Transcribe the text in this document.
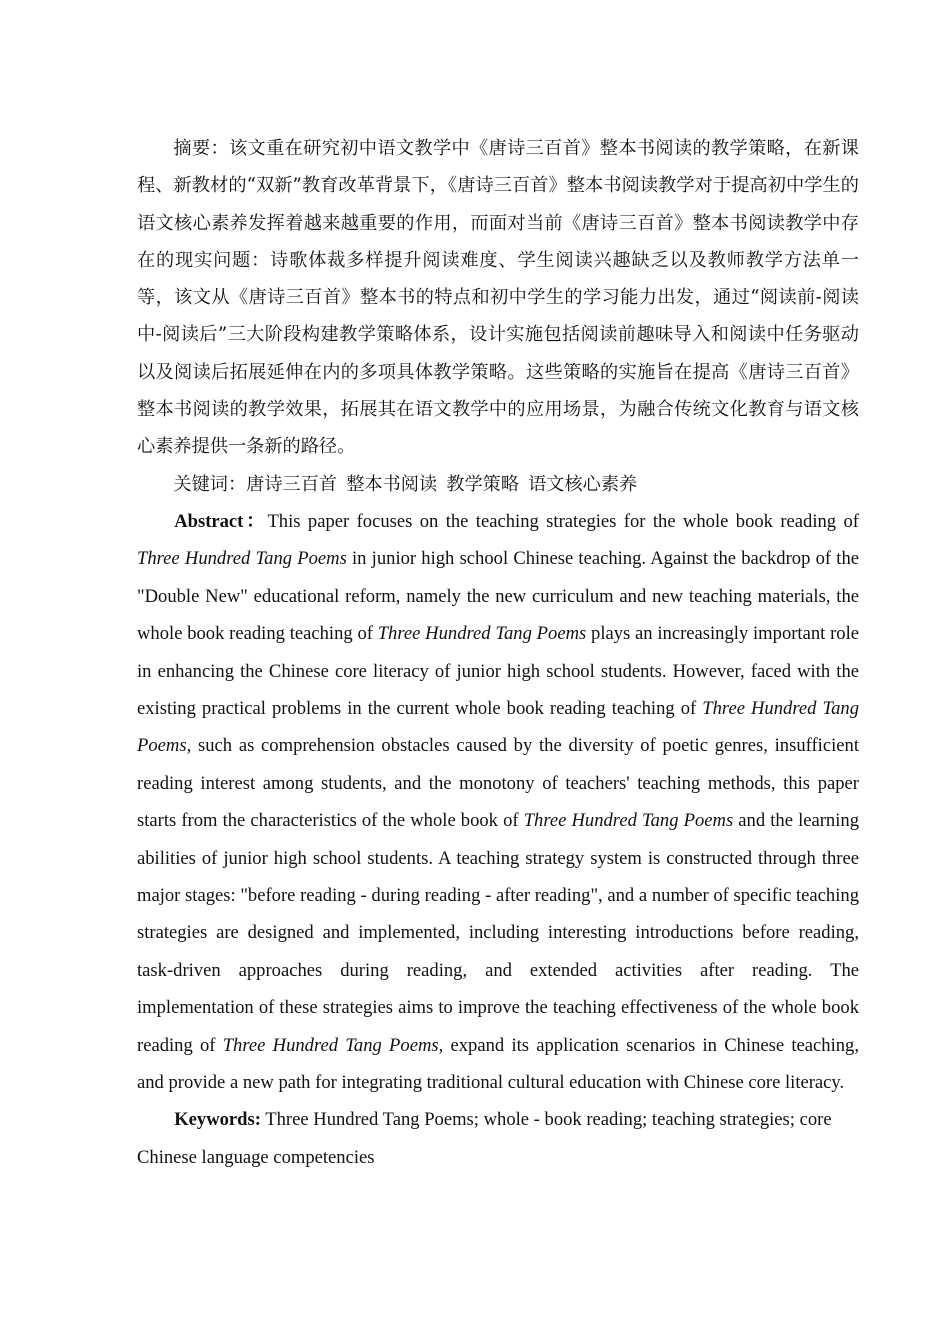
摘要：该文重在研究初中语文教学中《唐诗三百首》整本书阅读的教学策略，在新课程、新教材的“双新”教育改革背景下，《唐诗三百首》整本书阅读教学对于提高初中学生的语文核心素养发挥着越来越重要的作用，而面对当前《唐诗三百首》整本书阅读教学中存在的现实问题：诗歌体裁多样提升阅读难度、学生阅读兴趣缺乏以及教师教学方法单一等，该文从《唐诗三百首》整本书的特点和初中学生的学习能力出发，通过“阅读前-阅读中-阅读后”三大阶段构建教学策略体系，设计实施包括阅读前趣味导入和阅读中任务驱动以及阅读后拓展延伸在内的多项具体教学策略。这些策略的实施旨在提高《唐诗三百首》整本书阅读的教学效果，拓展其在语文教学中的应用场景，为融合传统文化教育与语文核心素养提供一条新的路径。

关键词：唐诗三百首 整本书阅读 教学策略 语文核心素养

Abstract：This paper focuses on the teaching strategies for the whole book reading of Three Hundred Tang Poems in junior high school Chinese teaching. Against the backdrop of the "Double New" educational reform, namely the new curriculum and new teaching materials, the whole book reading teaching of Three Hundred Tang Poems plays an increasingly important role in enhancing the Chinese core literacy of junior high school students. However, faced with the existing practical problems in the current whole book reading teaching of Three Hundred Tang Poems, such as comprehension obstacles caused by the diversity of poetic genres, insufficient reading interest among students, and the monotony of teachers' teaching methods, this paper starts from the characteristics of the whole book of Three Hundred Tang Poems and the learning abilities of junior high school students. A teaching strategy system is constructed through three major stages: "before reading - during reading - after reading", and a number of specific teaching strategies are designed and implemented, including interesting introductions before reading, task-driven approaches during reading, and extended activities after reading. The implementation of these strategies aims to improve the teaching effectiveness of the whole book reading of Three Hundred Tang Poems, expand its application scenarios in Chinese teaching, and provide a new path for integrating traditional cultural education with Chinese core literacy.

Keywords: Three Hundred Tang Poems; whole - book reading; teaching strategies; core Chinese language competencies
